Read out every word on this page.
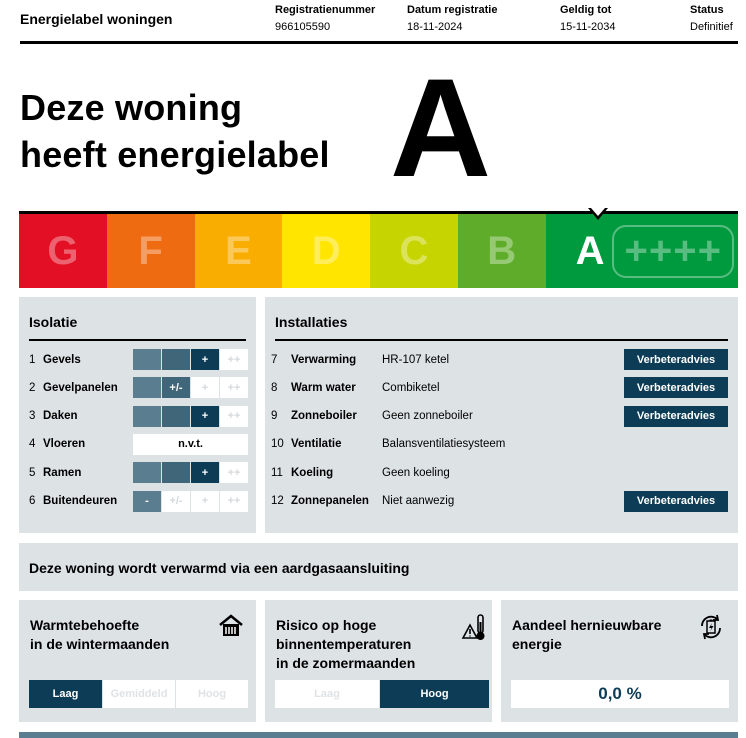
Energielabel woningen
Registratienummer
966105590
Datum registratie
18-11-2024
Geldig tot
15-11-2034
Status
Definitief
Deze woning
heeft energielabel A
G F E D C B A ++++
Isolatie
1 Gevels	+	++
2 Gevelpanelen	+/-	+	++
3 Daken	+	++
4 Vloeren	n.v.t.
5 Ramen	+	++
6 Buitendeuren	-	+/-	+	++
Installaties
7	Verwarming	HR-107 ketel	Verbeteradvies
8	Warm water	Combiketel	Verbeteradvies
9	Zonneboiler	Geen zonneboiler	Verbeteradvies
10 Ventilatie	Balansventilatiesysteem
11 Koeling	Geen koeling
12 Zonnepanelen	Niet aanwezig	Verbeteradvies
Deze woning wordt verwarmd via een aardgasaansluiting
Warmtebehoefte
in de wintermaanden
Laag	Gemiddeld	Hoog
Risico op hoge
binnentemperaturen
in de zomermaanden
Laag	Hoog
Aandeel hernieuwbare
energie
0,0 %
